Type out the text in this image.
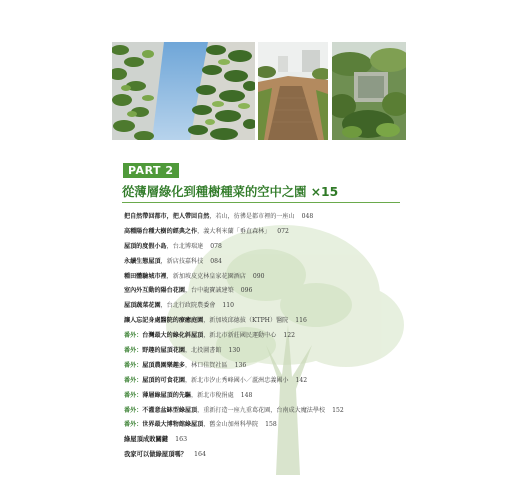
PART 2
從薄層綠化到種樹種菜的空中之園 ×15
把自然帶回都市，把人帶回自然，若山，彷彿是都市裡的一座山 048
高種陽台種大樹的經典之作，義大利米蘭「垂直森林」 072
屋頂的度假小島，台北博瑞達 078
永續生態屋頂，新店技嘉科技 084
種田體驗城市裡，新加坡皮克林皇家花園酒店 090
室內外互動的陽台花園，台中龍寶誠建築 096
屋頂蔬菜花園，台北行政院農委會 110
讓人忘記身處醫院的療癒庭園，新加坡邱德拔（KTPH）醫院 116
番外：台灣最大的綠化斜屋頂，新北市新莊國民運動中心 122
番外：野趣的屋頂花園，北投圖書館 130
番外：屋頂農園樂趣多，林口佳賀社區 136
番外：屋頂的可食花園，新北市汐止秀峰國小／蘆洲忠義國小 142
番外：薄層綠屋頂的先驅，新北市稅捐處 148
番外：不灌意盆缽型綠屋頂，重新打造一座九重葛花園，台南成大魔法學校 152
番外：世界最大博物館綠屋頂，舊金山加州科學院 158
綠屋頂成敗關鍵 163
我家可以做綠屋頂嗎？ 164
